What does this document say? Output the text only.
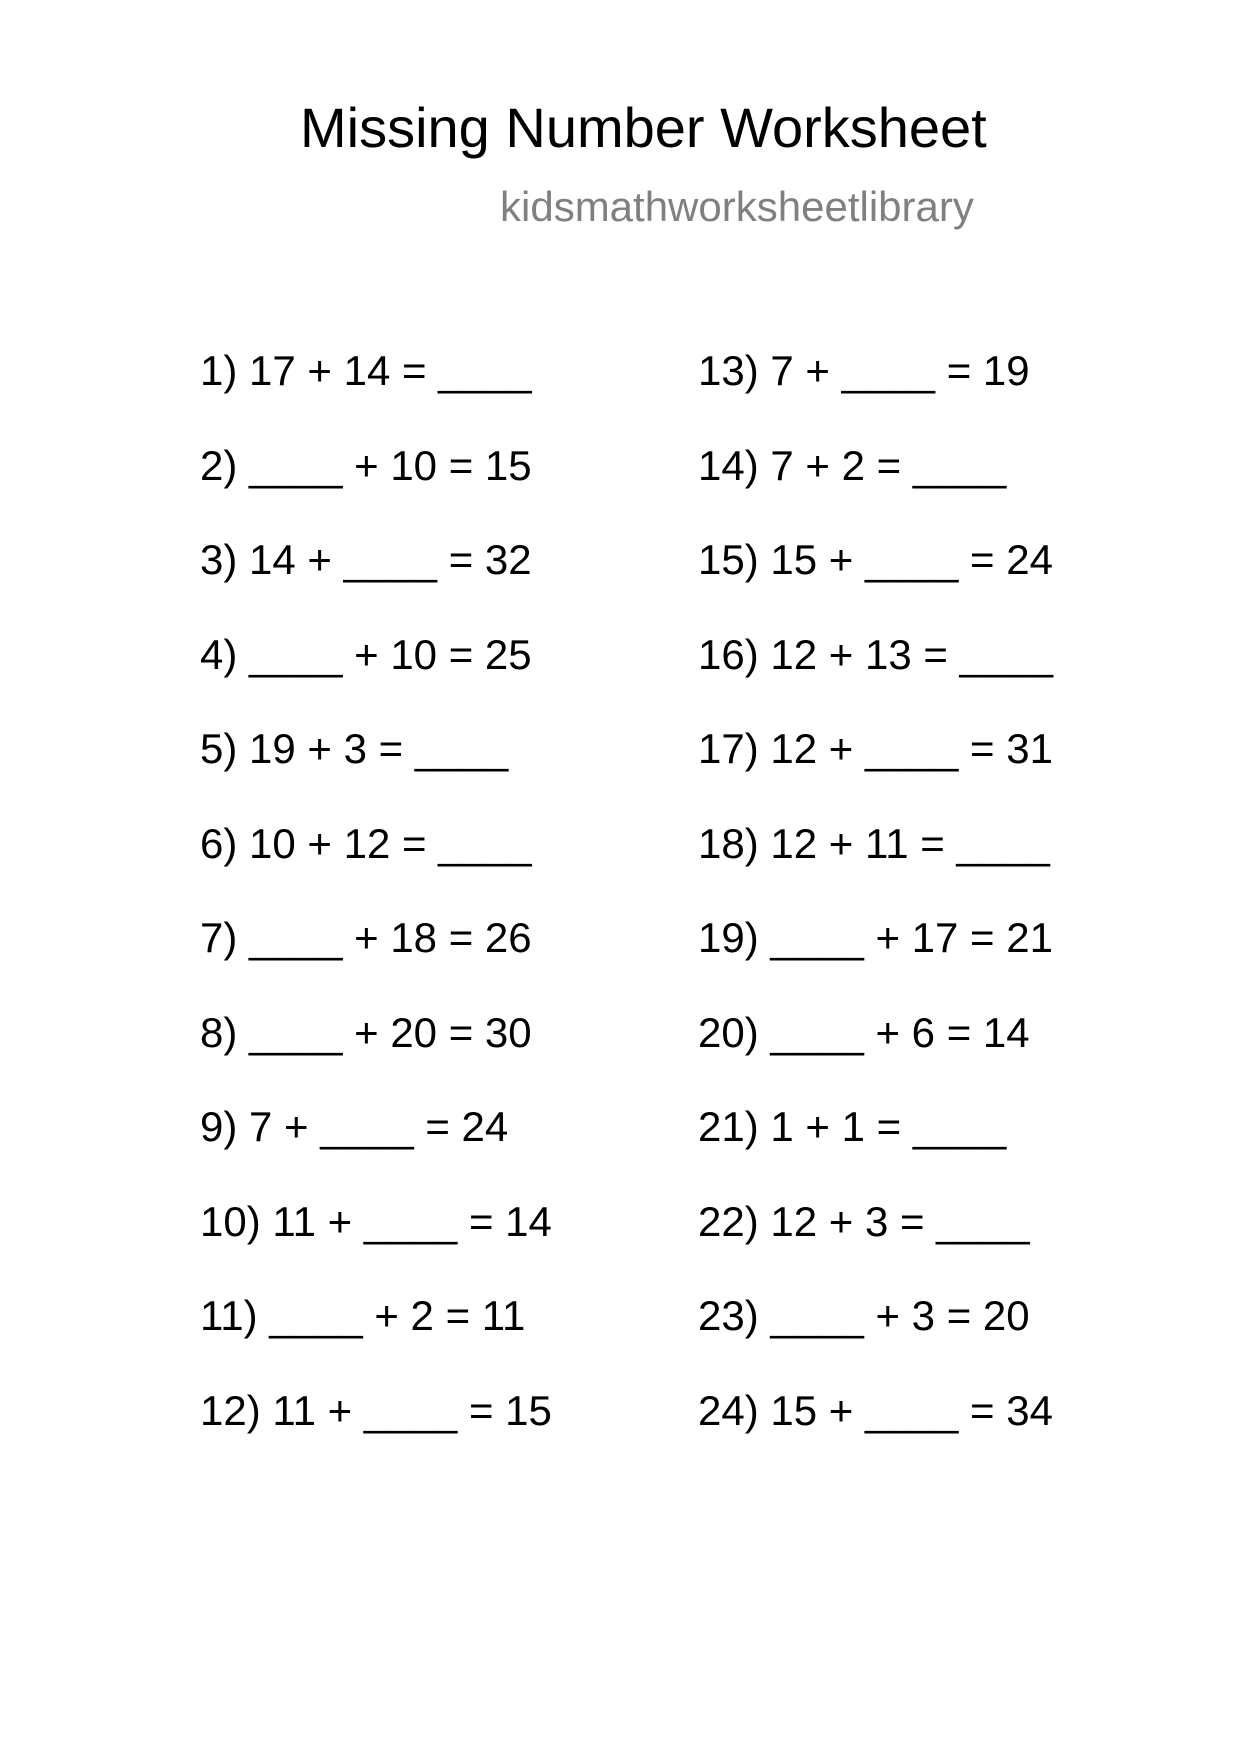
Missing Number Worksheet
kidsmathworksheetlibrary
1) 17 + 14 = ____
2) ____ + 10 = 15
3) 14 + ____ = 32
4) ____ + 10 = 25
5) 19 + 3 = ____
6) 10 + 12 = ____
7) ____ + 18 = 26
8) ____ + 20 = 30
9) 7 + ____ = 24
10) 11 + ____ = 14
11) ____ + 2 = 11
12) 11 + ____ = 15
13) 7 + ____ = 19
14) 7 + 2 = ____
15) 15 + ____ = 24
16) 12 + 13 = ____
17) 12 + ____ = 31
18) 12 + 11 = ____
19) ____ + 17 = 21
20) ____ + 6 = 14
21) 1 + 1 = ____
22) 12 + 3 = ____
23) ____ + 3 = 20
24) 15 + ____ = 34
